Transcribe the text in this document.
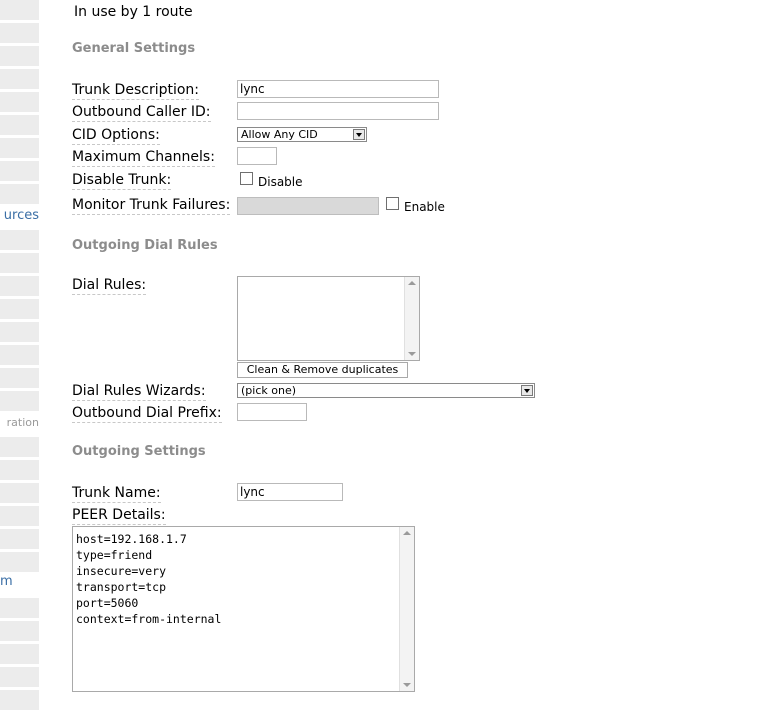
urces
ration
m
In use by 1 route
General Settings
Trunk Description:	lync
Outbound Caller ID:
CID Options:	Allow Any CID
Maximum Channels:
Disable Trunk:	Disable
Monitor Trunk Failures:	Enable
Outgoing Dial Rules
Dial Rules:
Clean & Remove duplicates
Dial Rules Wizards:	(pick one)
Outbound Dial Prefix:
Outgoing Settings
Trunk Name:	lync
PEER Details:
host=192.168.1.7
type=friend
insecure=very
transport=tcp
port=5060
context=from-internal
